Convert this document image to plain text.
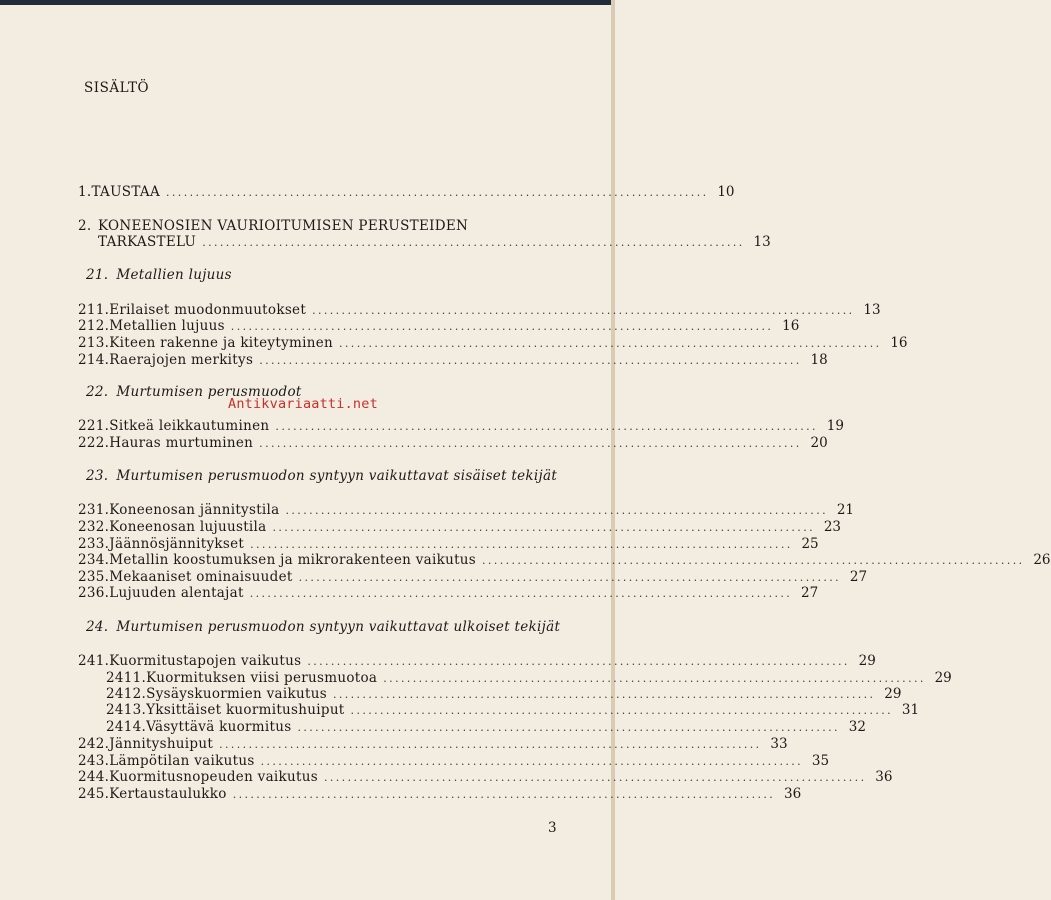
SISÄLTÖ
1. TAUSTAA ............................................................................................ 10
2. KONEENOSIEN VAURIOITUMISEN PERUSTEIDEN
TARKASTELU ............................................................................................ 13
21. Metallien lujuus
211. Erilaiset muodonmuutokset ............................................................................................ 13
212. Metallien lujuus ............................................................................................ 16
213. Kiteen rakenne ja kiteytyminen ............................................................................................ 16
214. Raerajojen merkitys ............................................................................................ 18
22. Murtumisen perusmuodot
Antikvariaatti.net
221. Sitkeä leikkautuminen ............................................................................................ 19
222. Hauras murtuminen ............................................................................................ 20
23. Murtumisen perusmuodon syntyyn vaikuttavat sisäiset tekijät
231. Koneenosan jännitystila ............................................................................................ 21
232. Koneenosan lujuustila ............................................................................................ 23
233. Jäännösjännitykset ............................................................................................ 25
234. Metallin koostumuksen ja mikrorakenteen vaikutus ............................................................................................ 26
235. Mekaaniset ominaisuudet ............................................................................................ 27
236. Lujuuden alentajat ............................................................................................ 27
24. Murtumisen perusmuodon syntyyn vaikuttavat ulkoiset tekijät
241. Kuormitustapojen vaikutus ............................................................................................ 29
2411. Kuormituksen viisi perusmuotoa ............................................................................................ 29
2412. Sysäyskuormien vaikutus ............................................................................................ 29
2413. Yksittäiset kuormitushuiput ............................................................................................ 31
2414. Väsyttävä kuormitus ............................................................................................ 32
242. Jännityshuiput ............................................................................................ 33
243. Lämpötilan vaikutus ............................................................................................ 35
244. Kuormitusnopeuden vaikutus ............................................................................................ 36
245. Kertaustaulukko ............................................................................................ 36
3
